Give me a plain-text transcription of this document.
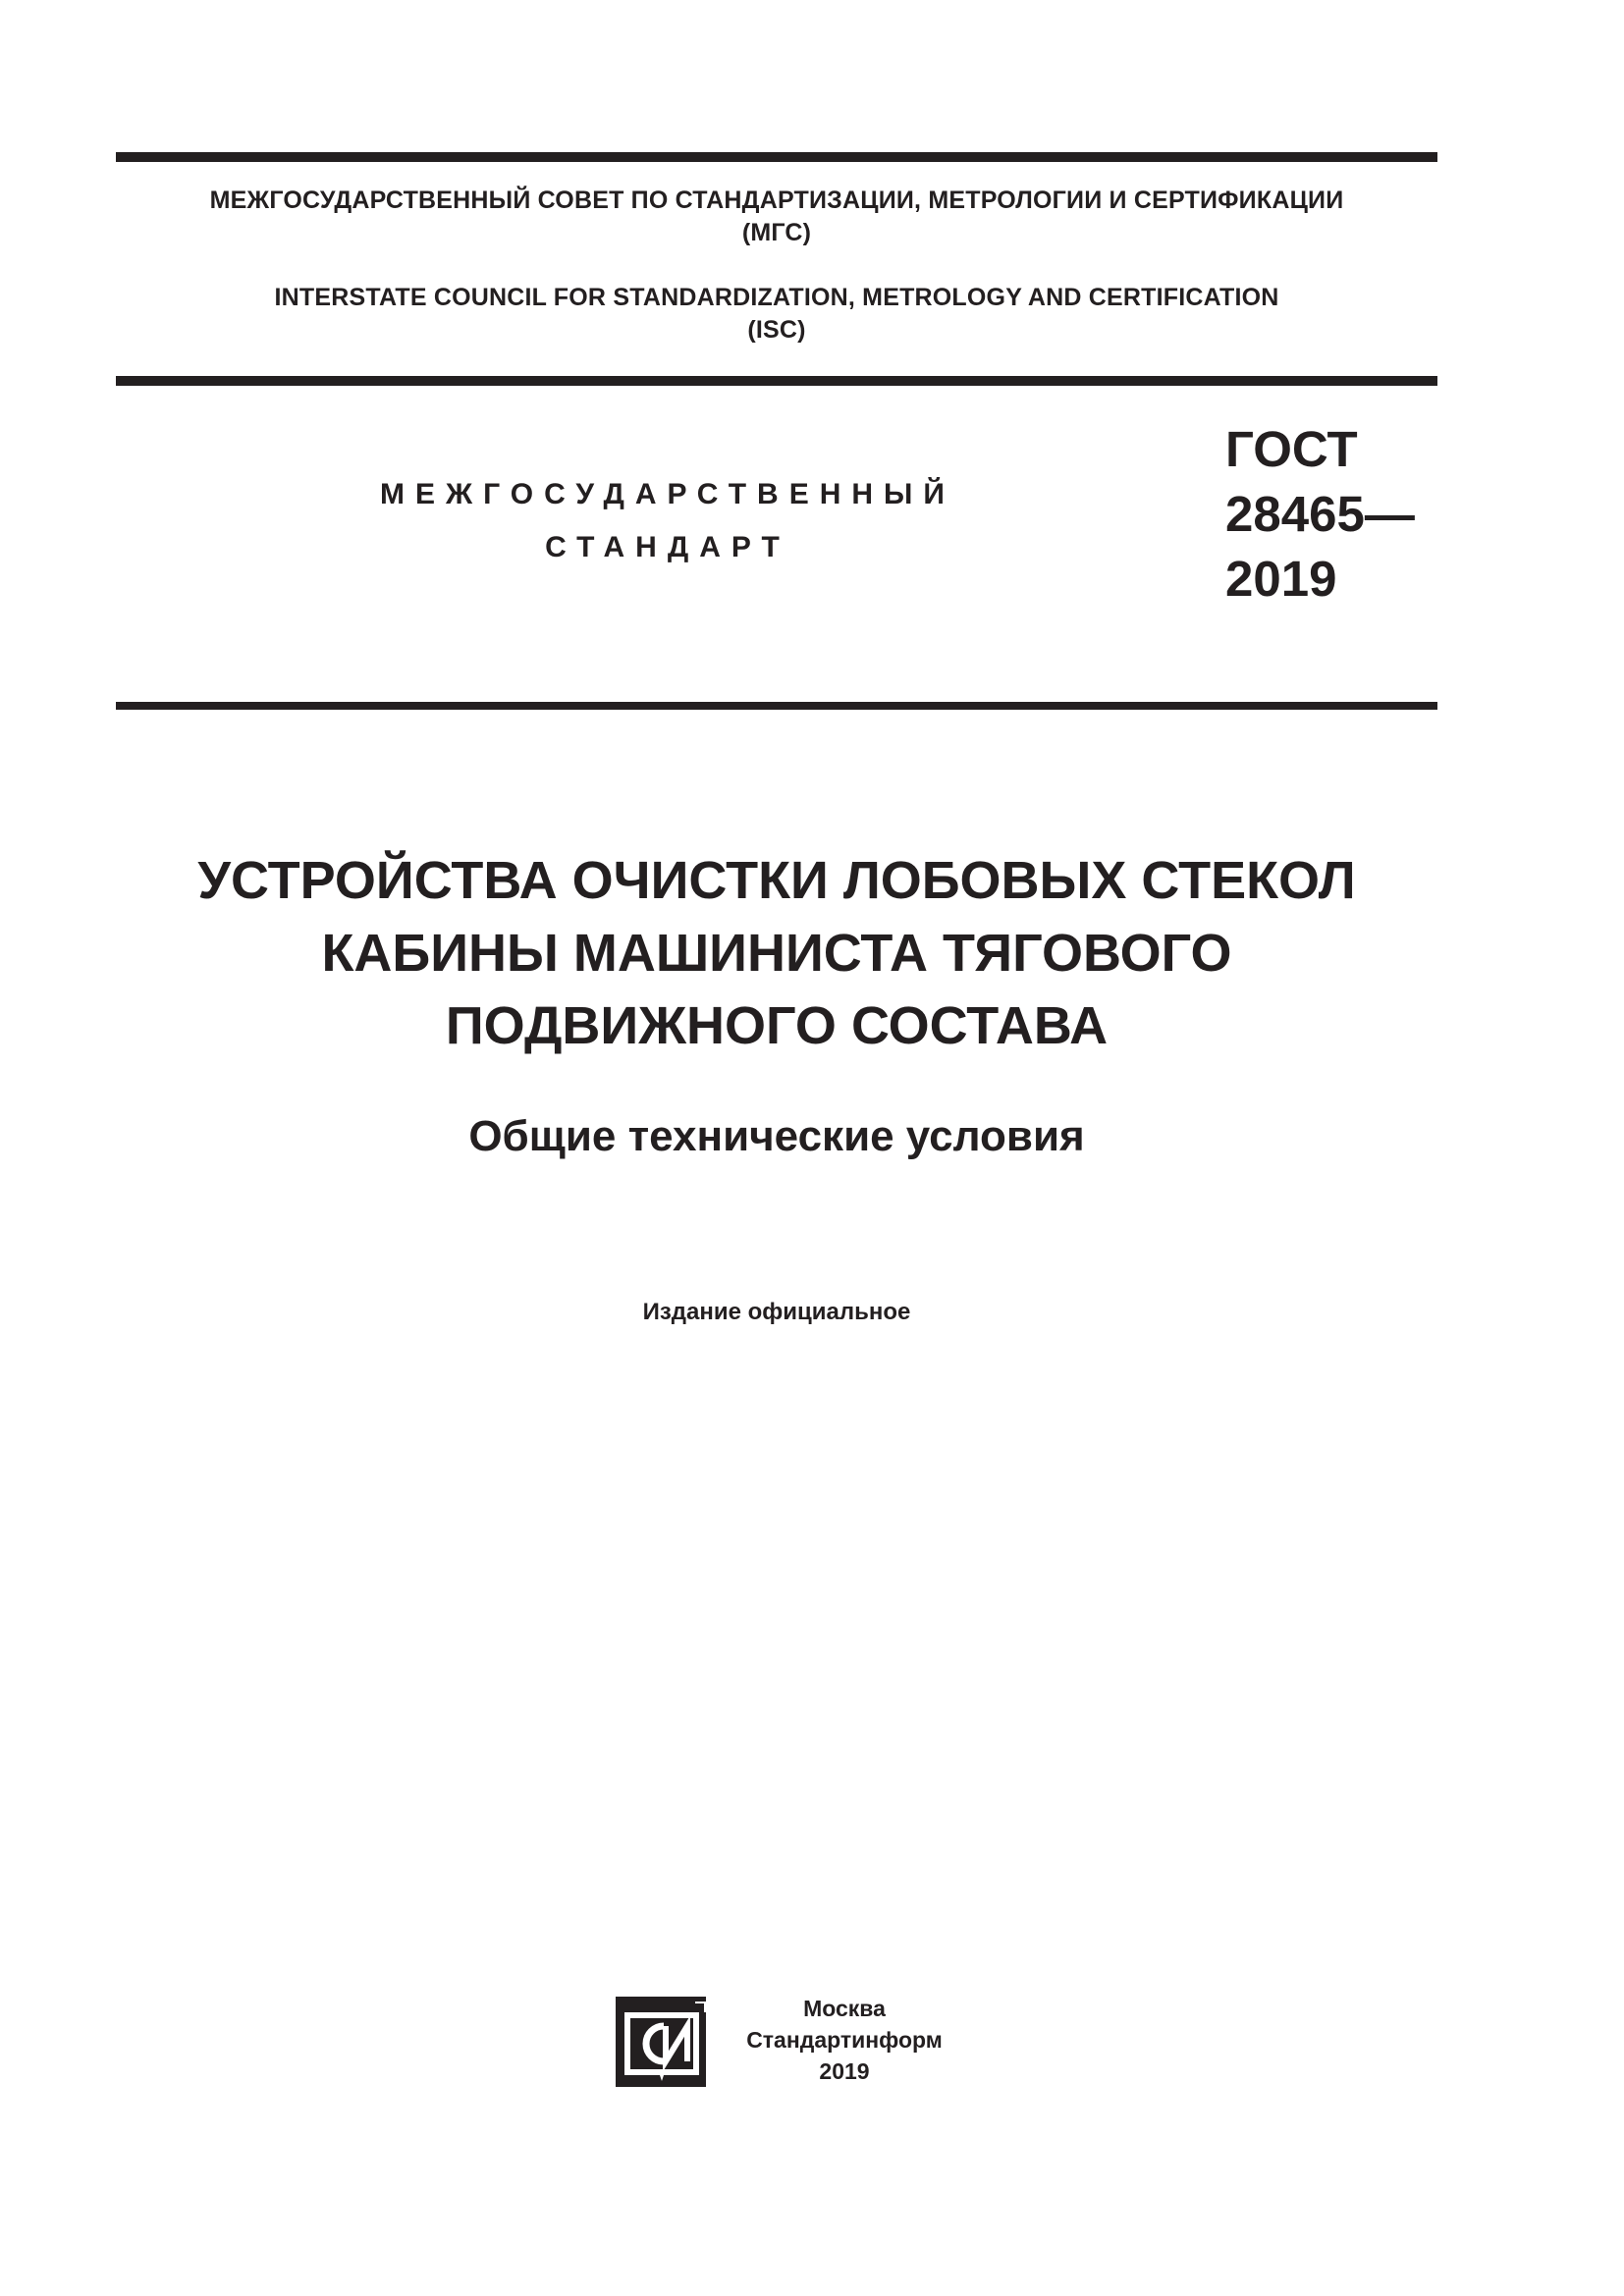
МЕЖГОСУДАРСТВЕННЫЙ СОВЕТ ПО СТАНДАРТИЗАЦИИ, МЕТРОЛОГИИ И СЕРТИФИКАЦИИ
(МГС)
INTERSTATE COUNCIL FOR STANDARDIZATION, METROLOGY AND CERTIFICATION
(ISC)
МЕЖГОСУДАРСТВЕННЫЙ
СТАНДАРТ
ГОСТ
28465—
2019
УСТРОЙСТВА ОЧИСТКИ ЛОБОВЫХ СТЕКОЛ
КАБИНЫ МАШИНИСТА ТЯГОВОГО
ПОДВИЖНОГО СОСТАВА
Общие технические условия
Издание официальное
Москва
Стандартинформ
2019
